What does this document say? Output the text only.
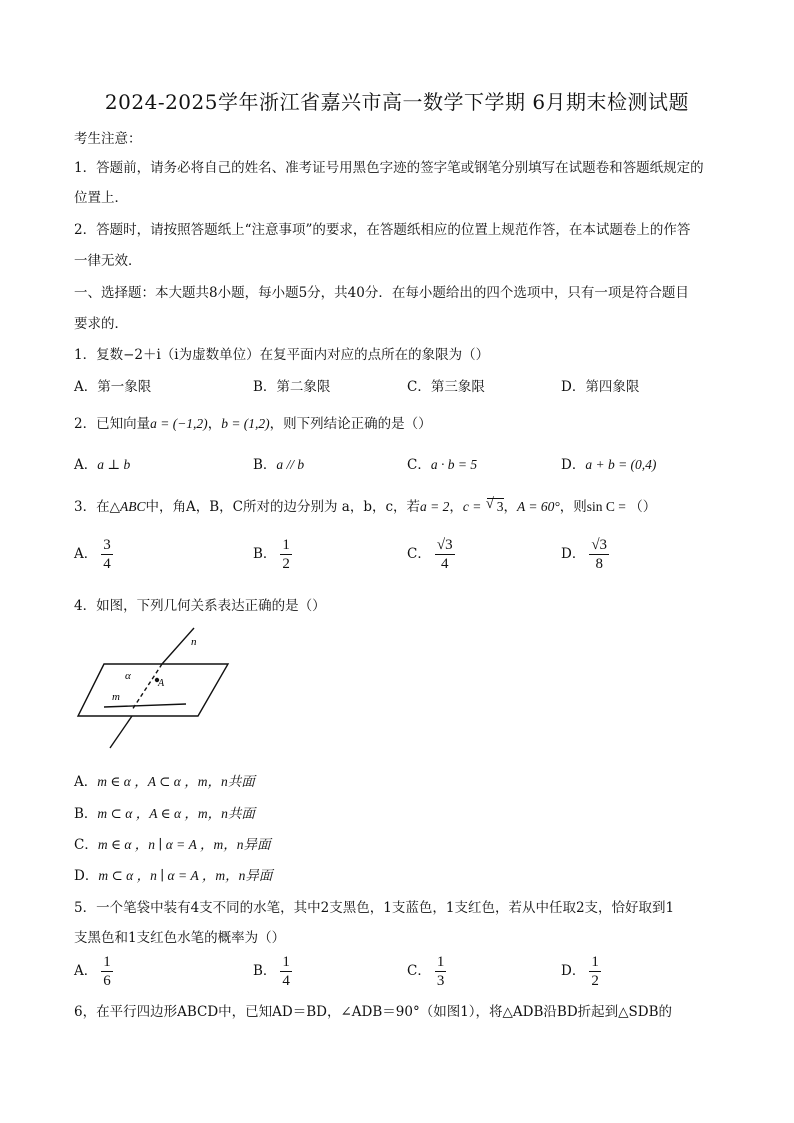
2024-2025学年浙江省嘉兴市高一数学下学期 6月期末检测试题
考生注意：
1．答题前，请务必将自己的姓名、准考证号用黑色字迹的签字笔或钢笔分别填写在试题卷和答题纸规定的
位置上．
2．答题时，请按照答题纸上“注意事项”的要求，在答题纸相应的位置上规范作答，在本试题卷上的作答
一律无效．
一、选择题：本大题共8小题，每小题5分，共40分．在每小题给出的四个选项中，只有一项是符合题目
要求的．
1．复数−2＋i（i为虚数单位）在复平面内对应的点所在的象限为（）
A．第一象限	B．第二象限	C．第三象限	D．第四象限
2．已知向量a = (−1,2)，b = (1,2)，则下列结论正确的是（）
A．a ⊥ b	B．a // b	C．a · b = 5	D．a + b = (0,4)
3．在△ABC中，角A，B，C所对的边分别为 a，b，c，若a = 2，c = √ 3，A = 60°，则sin C = （）
A． $\frac{3}{4}$	B． $\frac{1}{2}$	C． $\frac{√3}{4}$	D． $\frac{√3}{8}$
4．如图，下列几何关系表达正确的是（）
n
α
A
m
A．m ∈ α ，A ⊂ α ，m，n共面
B．m ⊂ α ，A ∈ α ，m，n共面
C．m ∈ α ，n ∣ α = A ，m，n异面
D．m ⊂ α ，n ∣ α = A ，m，n异面
5．一个笔袋中装有4支不同的水笔，其中2支黑色，1支蓝色，1支红色，若从中任取2支，恰好取到1
支黑色和1支红色水笔的概率为（）
A． $\frac{1}{6}$	B． $\frac{1}{4}$	C． $\frac{1}{3}$	D． $\frac{1}{2}$
6，在平行四边形ABCD中，已知AD＝BD，∠ADB＝90°（如图1），将△ADB沿BD折起到△SDB的
